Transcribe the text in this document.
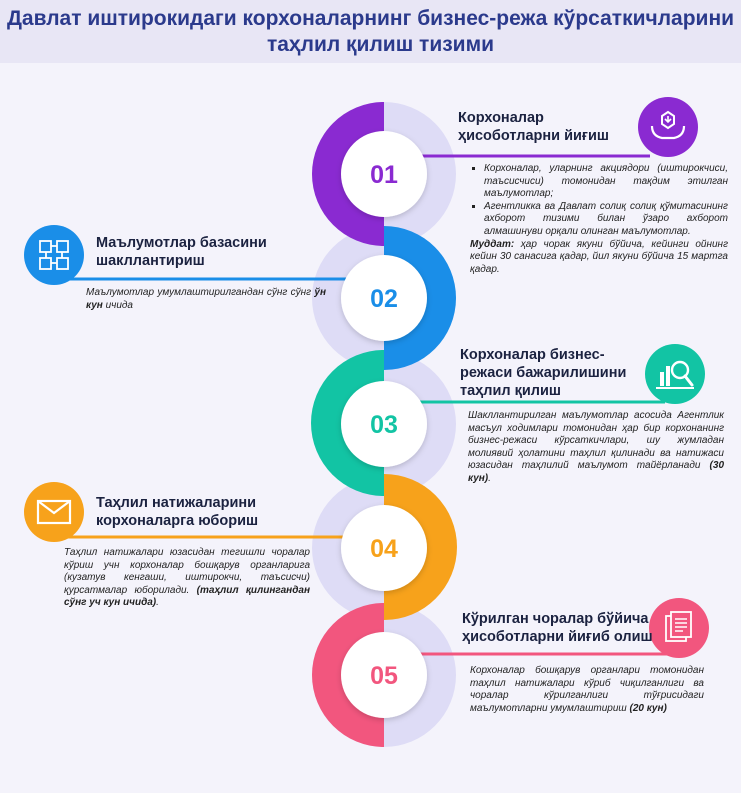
Давлат иштирокидаги корхоналарнинг бизнес-режа кўрсаткичларини
таҳлил қилиш тизими
01
02
03
04
05
Корхоналар ҳисоботларни йиғиш
▪ Корхоналар, уларнинг акциядори (иштирокчиси, таъсисчиси) томонидан тақдим этилган маълумотлар;
▪ Агентликка ва Давлат солиқ солиқ қўмитасининг ахборот тизими билан ўзаро ахборот алмашинуви орқали олинган маълумотлар.
Муддат: ҳар чорак якуни бўйича, кейинги ойнинг кейин 30 санасига қадар, йил якуни бўйича 15 мартга қадар.
Маълумотлар базасини шакллантириш
Маълумотлар умумлаштирилгандан сўнг сўнг ўн кун ичида
Корхоналар бизнес-режаси бажарилишини таҳлил қилиш
Шакллантирилган маълумотлар асосида Агентлик масъул ходимлари томонидан ҳар бир корхонанинг бизнес-режаси кўрсаткичлари, шу жумладан молиявий ҳолатини таҳлил қилинади ва натижаси юзасидан таҳлилий маълумот тайёрланади (30 кун).
Таҳлил натижаларини корхоналарга юбориш
Таҳлил натижалари юзасидан тегишли чоралар кўриш учн корхоналар бошқарув органларига (кузатув кенгаши, иштирокчи, таъсисчи) қурсатмалар юборилади. (таҳлил қилингандан сўнг уч кун ичида).
Кўрилган чоралар бўйича ҳисоботларни йиғиб олиш
Корхоналар бошқарув органлари томонидан таҳлил натижалари кўриб чиқилганлиги ва чоралар кўрилганлиги тўғрисидаги маълумотларни умумлаштириш (20 кун)
